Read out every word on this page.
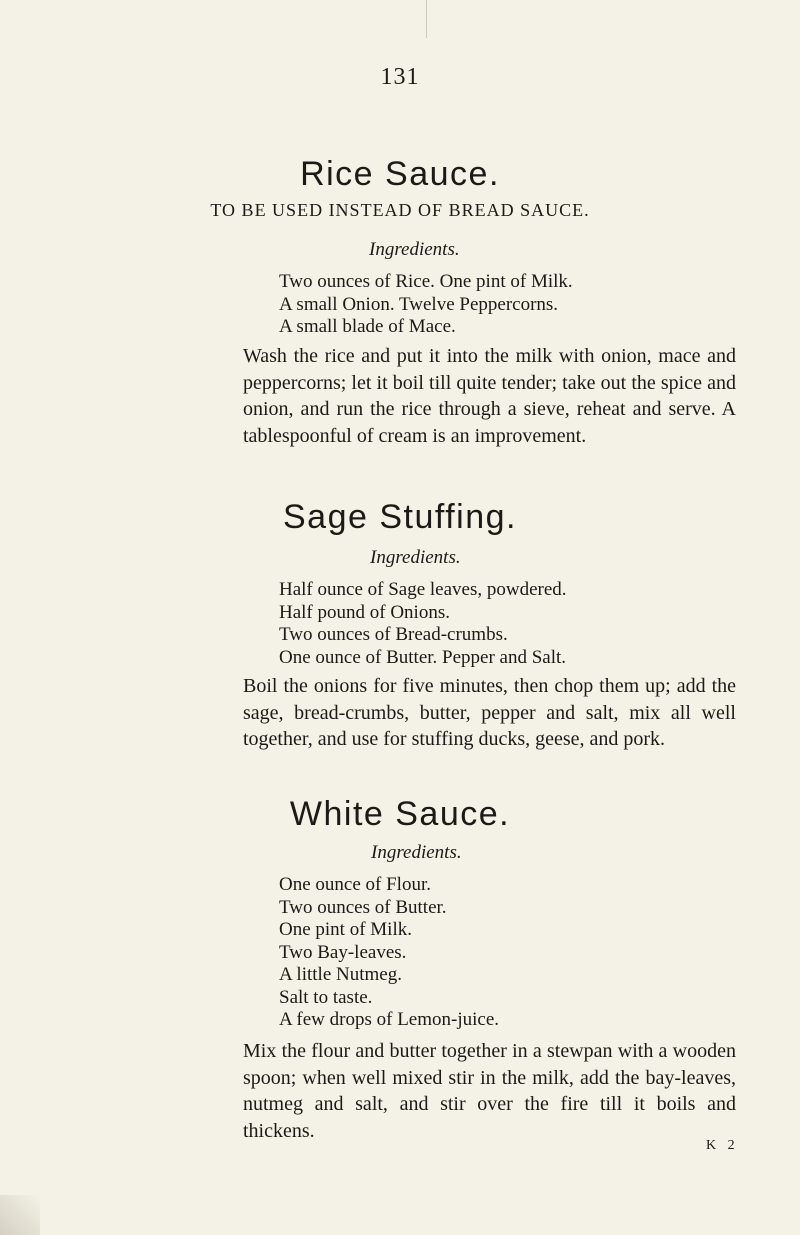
131
Rice Sauce.
TO BE USED INSTEAD OF BREAD SAUCE.
Ingredients.
Two ounces of Rice. One pint of Milk.
A small Onion. Twelve Peppercorns.
A small blade of Mace.

Wash the rice and put it into the milk with onion, mace and peppercorns; let it boil till quite tender; take out the spice and onion, and run the rice through a sieve, reheat and serve. A tablespoonful of cream is an improvement.

Sage Stuffing.
Ingredients.
Half ounce of Sage leaves, powdered.
Half pound of Onions.
Two ounces of Bread-crumbs.
One ounce of Butter. Pepper and Salt.

Boil the onions for five minutes, then chop them up; add the sage, bread-crumbs, butter, pepper and salt, mix all well together, and use for stuffing ducks, geese, and pork.

White Sauce.
Ingredients.
One ounce of Flour.
Two ounces of Butter.
One pint of Milk.
Two Bay-leaves.
A little Nutmeg.
Salt to taste.
A few drops of Lemon-juice.

Mix the flour and butter together in a stewpan with a wooden spoon; when well mixed stir in the milk, add the bay-leaves, nutmeg and salt, and stir over the fire till it boils and thickens.

K 2
